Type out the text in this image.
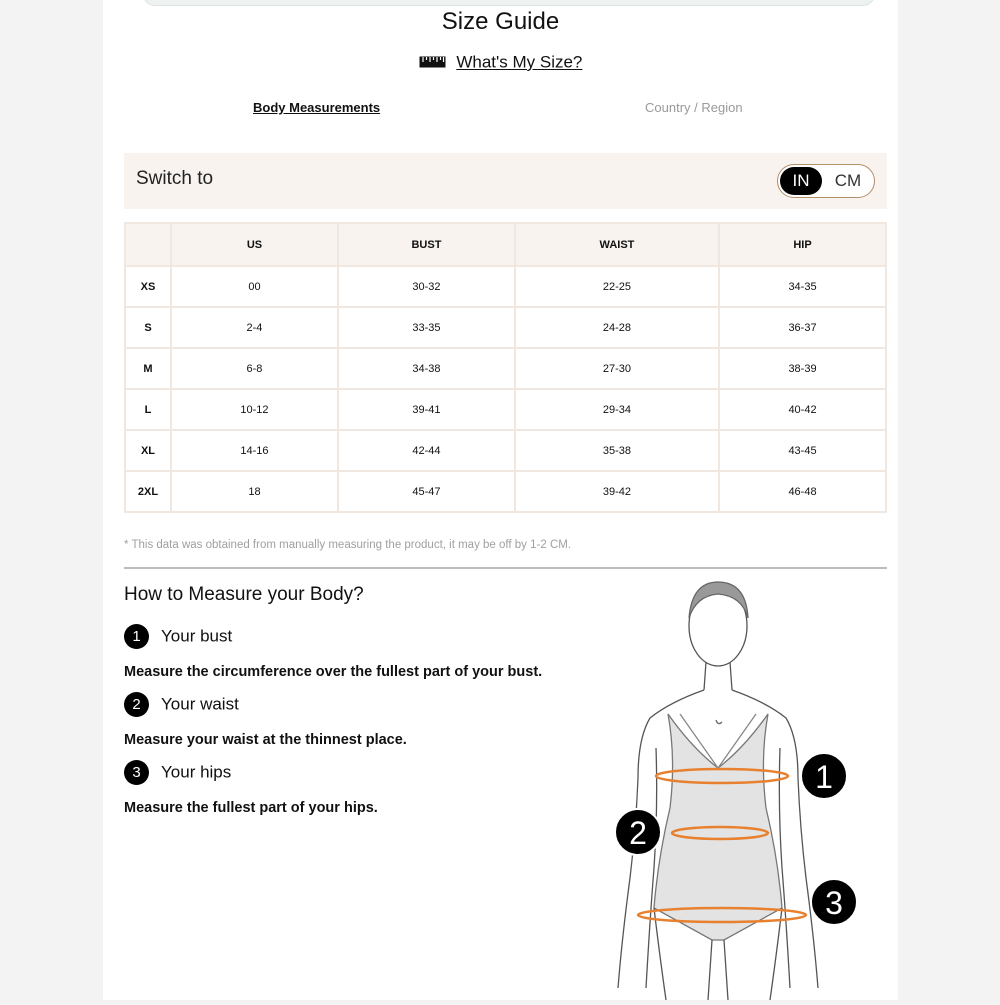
Size Guide
What's My Size?
Body Measurements	Country / Region
Switch to	IN	CM
	US	BUST	WAIST	HIP
XS	00	30-32	22-25	34-35
S	2-4	33-35	24-28	36-37
M	6-8	34-38	27-30	38-39
L	10-12	39-41	29-34	40-42
XL	14-16	42-44	35-38	43-45
2XL	18	45-47	39-42	46-48
* This data was obtained from manually measuring the product, it may be off by 1-2 CM.
How to Measure your Body?
1 Your bust
Measure the circumference over the fullest part of your bust.
2 Your waist
Measure your waist at the thinnest place.
3 Your hips
Measure the fullest part of your hips.
1
2
3
